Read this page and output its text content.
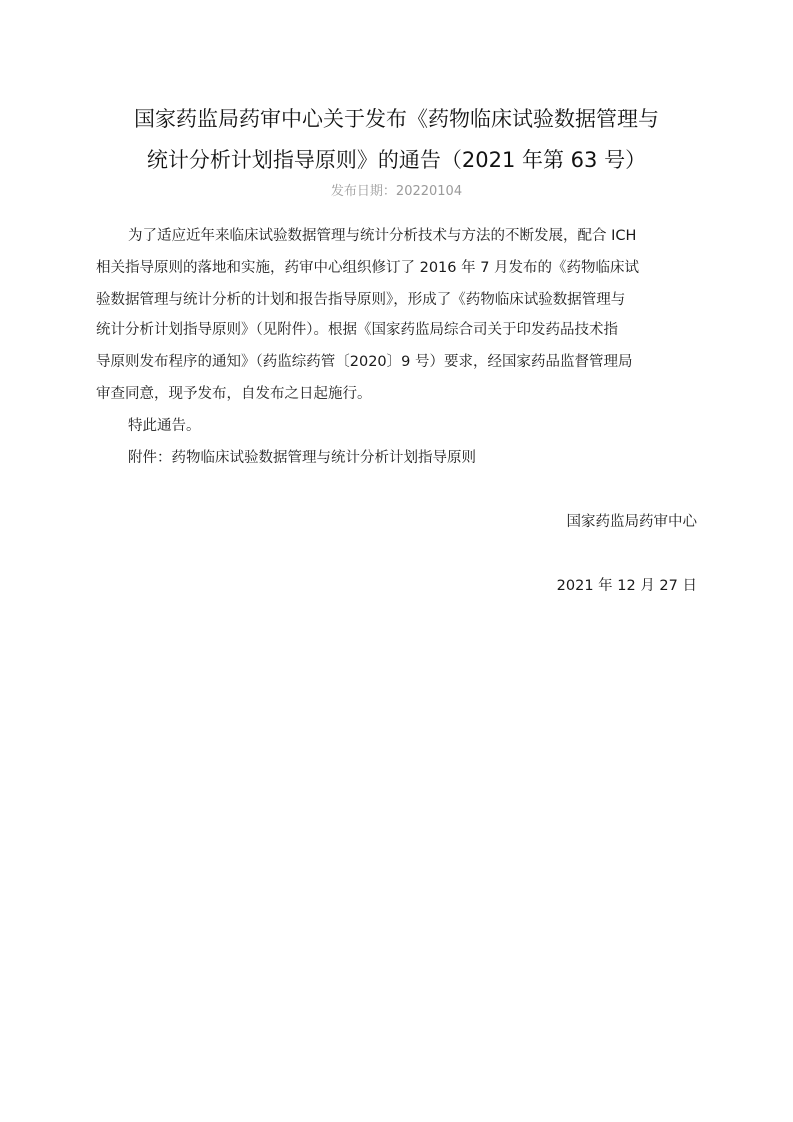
国家药监局药审中心关于发布《药物临床试验数据管理与
统计分析计划指导原则》的通告（2021 年第 63 号）
发布日期：20220104
为了适应近年来临床试验数据管理与统计分析技术与方法的不断发展，配合 ICH
相关指导原则的落地和实施，药审中心组织修订了 2016 年 7 月发布的《药物临床试
验数据管理与统计分析的计划和报告指导原则》，形成了《药物临床试验数据管理与
统计分析计划指导原则》（见附件）。根据《国家药监局综合司关于印发药品技术指
导原则发布程序的通知》（药监综药管〔2020〕9 号）要求，经国家药品监督管理局
审查同意，现予发布，自发布之日起施行。
特此通告。
附件：药物临床试验数据管理与统计分析计划指导原则
国家药监局药审中心
2021 年 12 月 27 日
